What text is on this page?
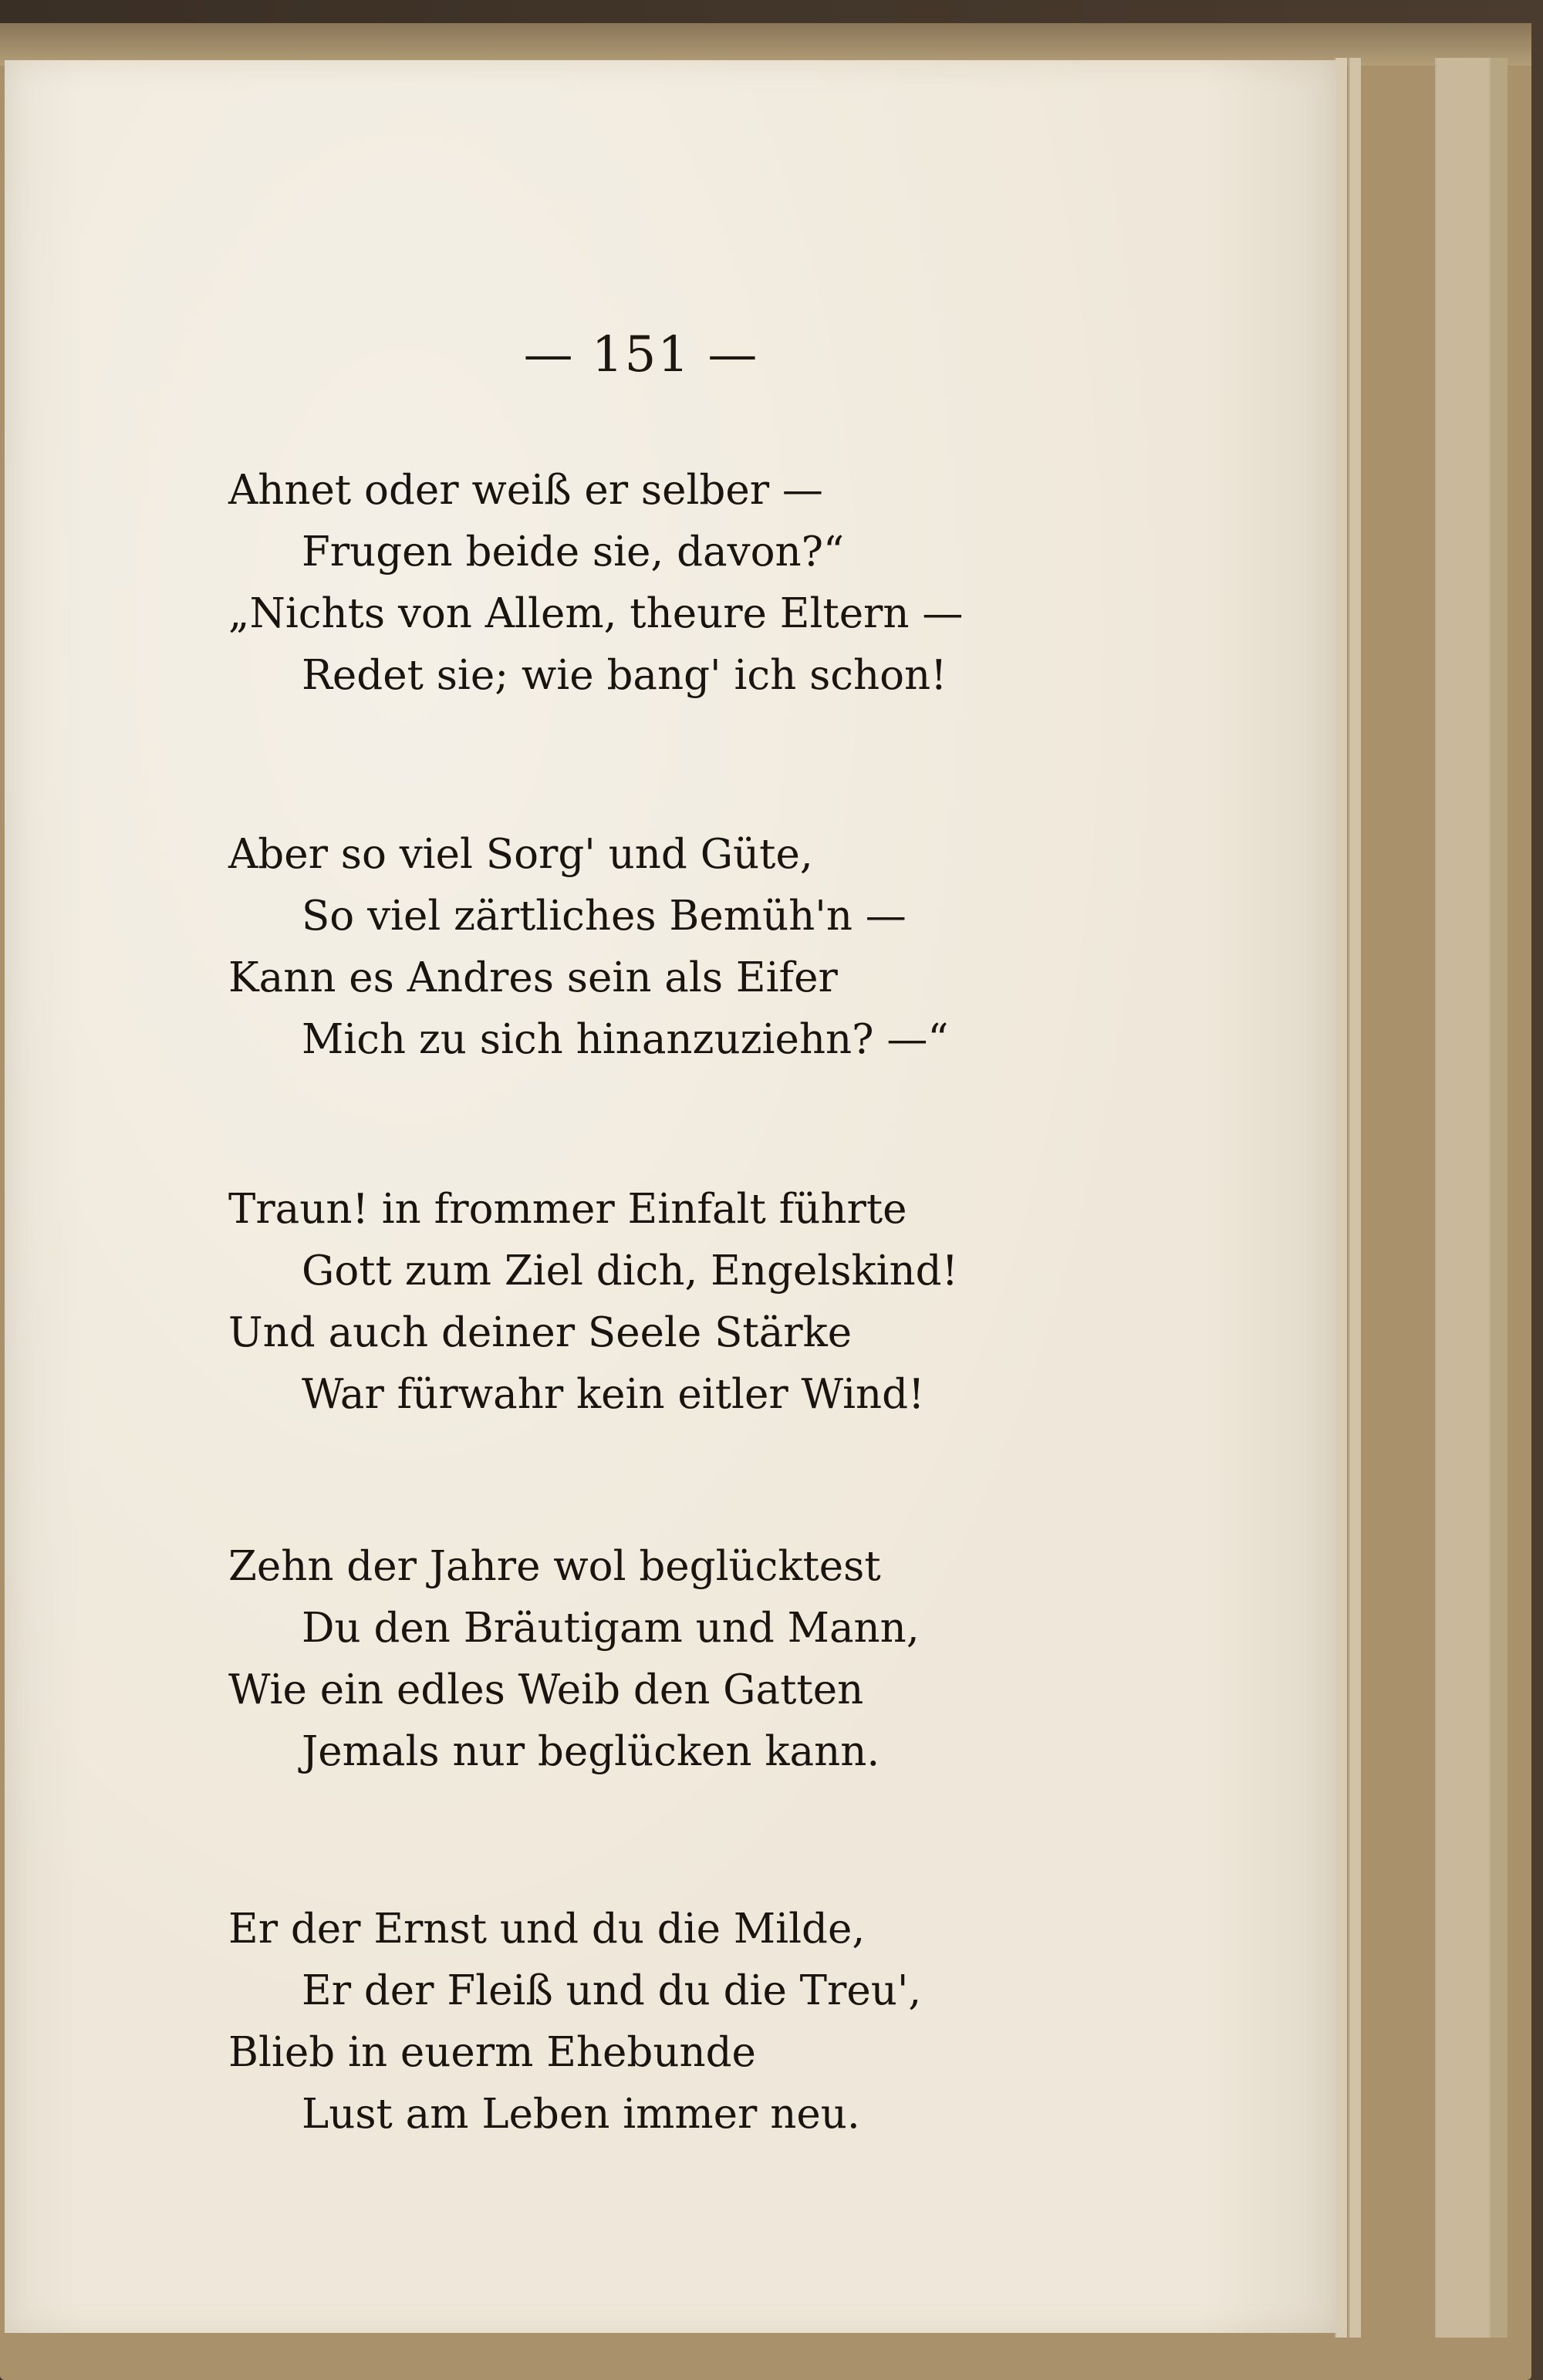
— 151 —
Ahnet oder weiß er selber —
Frugen beide sie, davon?“
„Nichts von Allem, theure Eltern —
Redet sie; wie bang' ich schon!
Aber so viel Sorg' und Güte,
So viel zärtliches Bemüh'n —
Kann es Andres sein als Eifer
Mich zu sich hinanzuziehn? —“
Traun! in frommer Einfalt führte
Gott zum Ziel dich, Engelskind!
Und auch deiner Seele Stärke
War fürwahr kein eitler Wind!
Zehn der Jahre wol beglücktest
Du den Bräutigam und Mann,
Wie ein edles Weib den Gatten
Jemals nur beglücken kann.
Er der Ernst und du die Milde,
Er der Fleiß und du die Treu',
Blieb in euerm Ehebunde
Lust am Leben immer neu.
